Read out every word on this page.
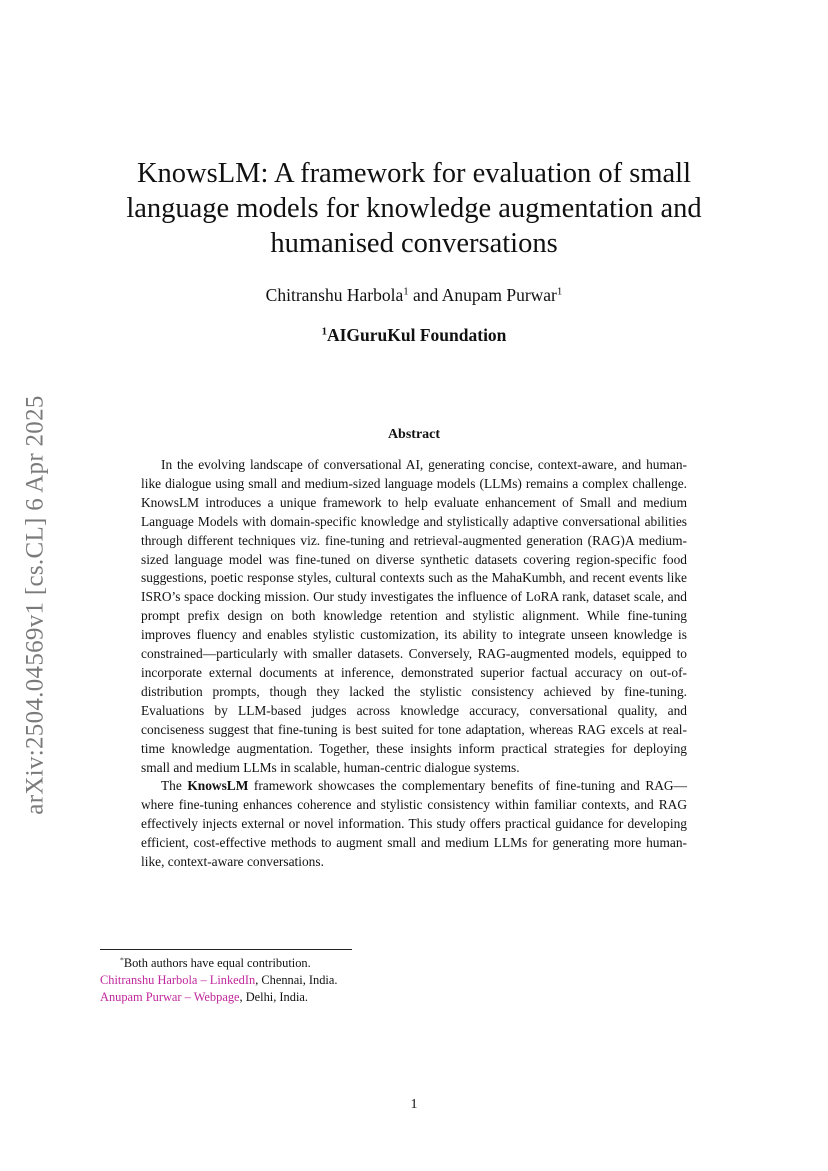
arXiv:2504.04569v1 [cs.CL] 6 Apr 2025
KnowsLM: A framework for evaluation of small language models for knowledge augmentation and humanised conversations
Chitranshu Harbola$^1$ and Anupam Purwar$^1$
$^1$AIGuruKul Foundation
Abstract

In the evolving landscape of conversational AI, generating concise, context-aware, and human-like dialogue using small and medium-sized language models (LLMs) remains a complex challenge. KnowsLM introduces a unique framework to help evaluate enhancement of Small and medium Language Models with domain-specific knowledge and stylistically adaptive conversational abilities through different techniques viz. fine-tuning and retrieval-augmented generation (RAG)A medium-sized language model was fine-tuned on diverse synthetic datasets covering region-specific food suggestions, poetic response styles, cultural contexts such as the MahaKumbh, and recent events like ISRO’s space docking mission. Our study investigates the influence of LoRA rank, dataset scale, and prompt prefix design on both knowledge retention and stylistic alignment. While fine-tuning improves fluency and enables stylistic customization, its ability to integrate unseen knowledge is constrained—particularly with smaller datasets. Conversely, RAG-augmented models, equipped to incorporate external documents at inference, demonstrated superior factual accuracy on out-of-distribution prompts, though they lacked the stylistic consistency achieved by fine-tuning. Evaluations by LLM-based judges across knowledge accuracy, conversational quality, and conciseness suggest that fine-tuning is best suited for tone adaptation, whereas RAG excels at real-time knowledge augmentation. Together, these insights inform practical strategies for deploying small and medium LLMs in scalable, human-centric dialogue systems.

The KnowsLM framework showcases the complementary benefits of fine-tuning and RAG—where fine-tuning enhances coherence and stylistic consistency within familiar contexts, and RAG effectively injects external or novel information. This study offers practical guidance for developing efficient, cost-effective methods to augment small and medium LLMs for generating more human-like, context-aware conversations.

*Both authors have equal contribution.
Chitranshu Harbola – LinkedIn, Chennai, India.
Anupam Purwar – Webpage, Delhi, India.
1
